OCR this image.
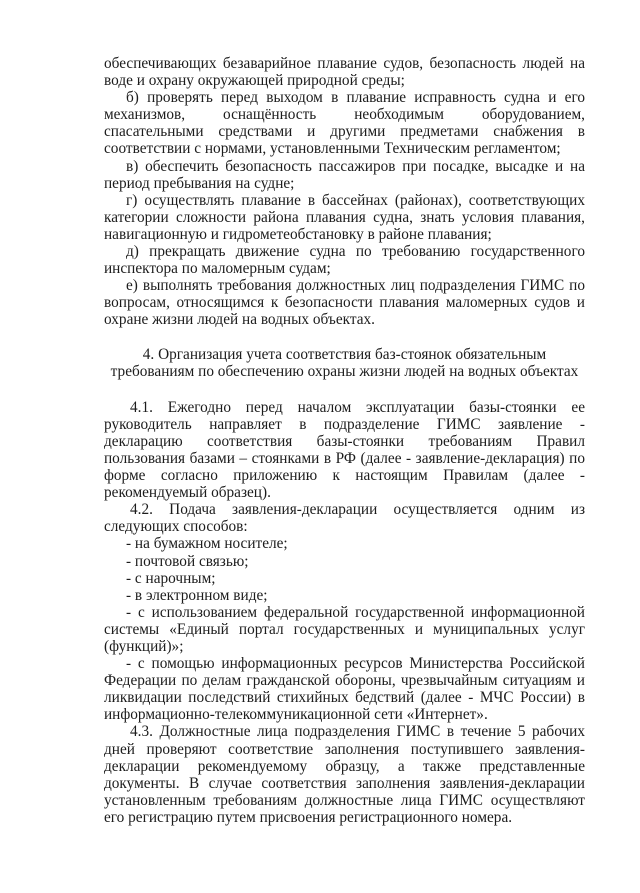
обеспечивающих безаварийное плавание судов, безопасность людей на воде и охрану окружающей природной среды;

б) проверять перед выходом в плавание исправность судна и его механизмов, оснащённость необходимым оборудованием, спасательными средствами и другими предметами снабжения в соответствии с нормами, установленными Техническим регламентом;

в) обеспечить безопасность пассажиров при посадке, высадке и на период пребывания на судне;

г) осуществлять плавание в бассейнах (районах), соответствующих категории сложности района плавания судна, знать условия плавания, навигационную и гидрометеобстановку в районе плавания;

д) прекращать движение судна по требованию государственного инспектора по маломерным судам;

е) выполнять требования должностных лиц подразделения ГИМС по вопросам, относящимся к безопасности плавания маломерных судов и охране жизни людей на водных объектах.

4. Организация учета соответствия баз-стоянок обязательным требованиям по обеспечению охраны жизни людей на водных объектах

4.1. Ежегодно перед началом эксплуатации базы-стоянки ее руководитель направляет в подразделение ГИМС заявление - декларацию соответствия базы-стоянки требованиям Правил пользования базами – стоянками в РФ (далее - заявление-декларация) по форме согласно приложению к настоящим Правилам (далее - рекомендуемый образец).

4.2. Подача заявления-декларации осуществляется одним из следующих способов:

- на бумажном носителе;

- почтовой связью;

- с нарочным;

- в электронном виде;

- с использованием федеральной государственной информационной системы «Единый портал государственных и муниципальных услуг (функций)»;

- с помощью информационных ресурсов Министерства Российской Федерации по делам гражданской обороны, чрезвычайным ситуациям и ликвидации последствий стихийных бедствий (далее - МЧС России) в информационно-телекоммуникационной сети «Интернет».

4.3. Должностные лица подразделения ГИМС в течение 5 рабочих дней проверяют соответствие заполнения поступившего заявления-декларации рекомендуемому образцу, а также представленные документы. В случае соответствия заполнения заявления-декларации установленным требованиям должностные лица ГИМС осуществляют его регистрацию путем присвоения регистрационного номера.
